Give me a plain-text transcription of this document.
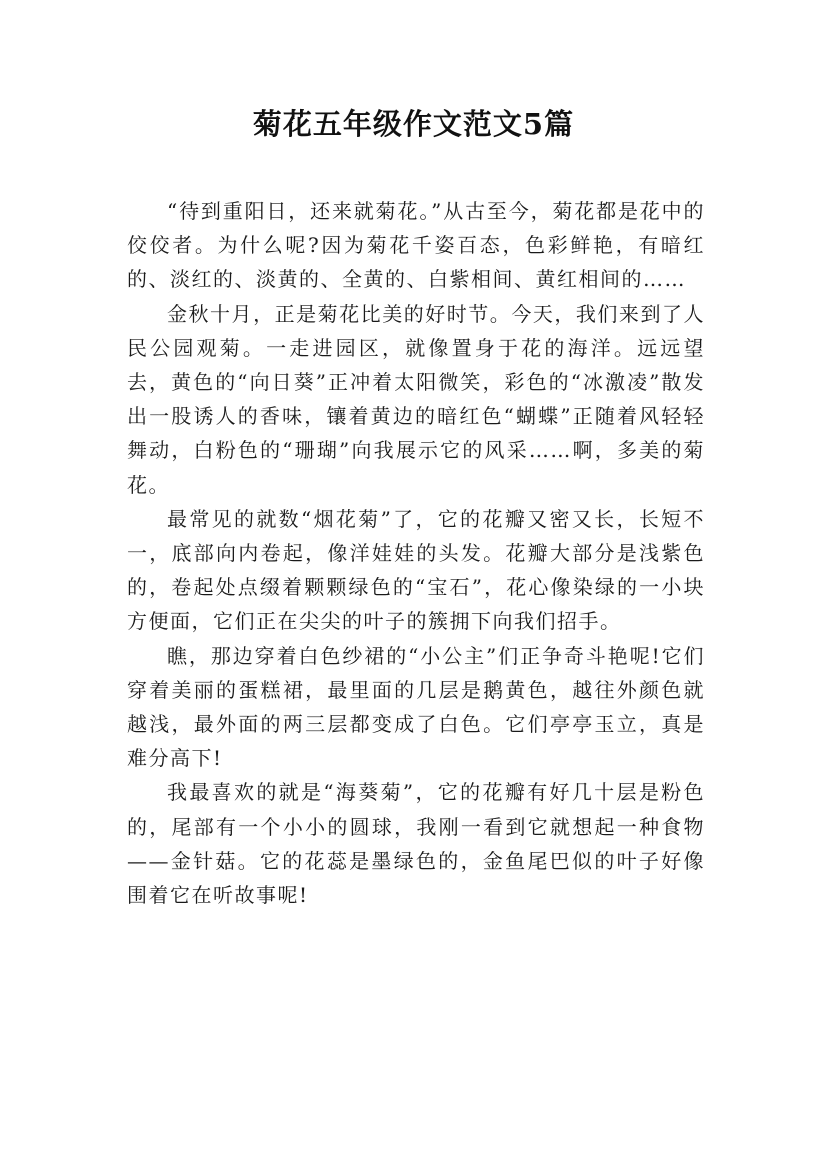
菊花五年级作文范文5篇

“待到重阳日，还来就菊花。”从古至今，菊花都是花中的佼佼者。为什么呢?因为菊花千姿百态，色彩鲜艳，有暗红的、淡红的、淡黄的、全黄的、白紫相间、黄红相间的……

金秋十月，正是菊花比美的好时节。今天，我们来到了人民公园观菊。一走进园区，就像置身于花的海洋。远远望去，黄色的“向日葵”正冲着太阳微笑，彩色的“冰激凌”散发出一股诱人的香味，镶着黄边的暗红色“蝴蝶”正随着风轻轻舞动，白粉色的“珊瑚”向我展示它的风采……啊，多美的菊花。

最常见的就数“烟花菊”了，它的花瓣又密又长，长短不一，底部向内卷起，像洋娃娃的头发。花瓣大部分是浅紫色的，卷起处点缀着颗颗绿色的“宝石”，花心像染绿的一小块方便面，它们正在尖尖的叶子的簇拥下向我们招手。

瞧，那边穿着白色纱裙的“小公主”们正争奇斗艳呢!它们穿着美丽的蛋糕裙，最里面的几层是鹅黄色，越往外颜色就越浅，最外面的两三层都变成了白色。它们亭亭玉立，真是难分高下!

我最喜欢的就是“海葵菊”，它的花瓣有好几十层是粉色的，尾部有一个小小的圆球，我刚一看到它就想起一种食物——金针菇。它的花蕊是墨绿色的，金鱼尾巴似的叶子好像围着它在听故事呢!
